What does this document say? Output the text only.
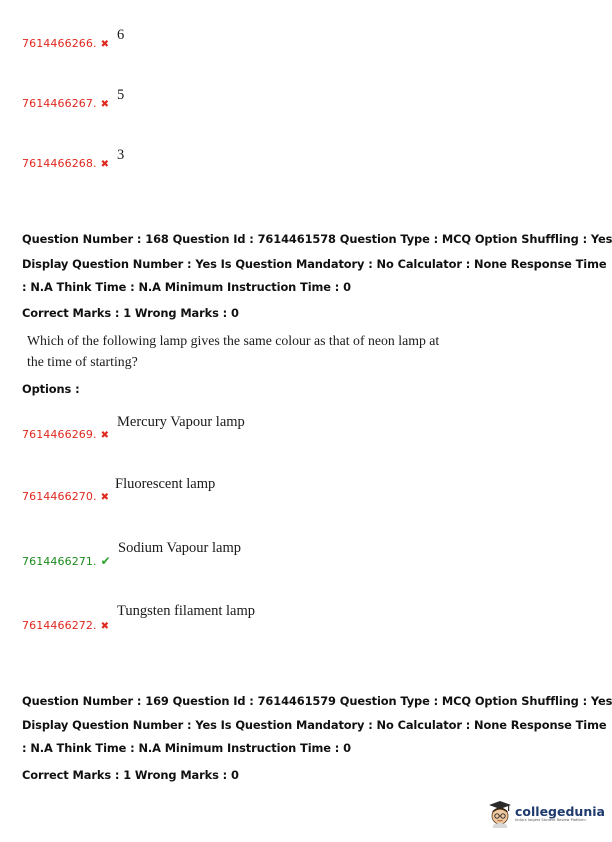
7614466266. ✖
6
7614466267. ✖
5
7614466268. ✖
3
Question Number : 168 Question Id : 7614461578 Question Type : MCQ Option Shuffling : Yes
Display Question Number : Yes Is Question Mandatory : No Calculator : None Response Time
: N.A Think Time : N.A Minimum Instruction Time : 0
Correct Marks : 1 Wrong Marks : 0
Which of the following lamp gives the same colour as that of neon lamp at
the time of starting?
Options :
7614466269. ✖
Mercury Vapour lamp
7614466270. ✖
Fluorescent lamp
7614466271. ✔
Sodium Vapour lamp
7614466272. ✖
Tungsten filament lamp
Question Number : 169 Question Id : 7614461579 Question Type : MCQ Option Shuffling : Yes
Display Question Number : Yes Is Question Mandatory : No Calculator : None Response Time
: N.A Think Time : N.A Minimum Instruction Time : 0
Correct Marks : 1 Wrong Marks : 0
collegedunia
India's largest Student Review Platform
